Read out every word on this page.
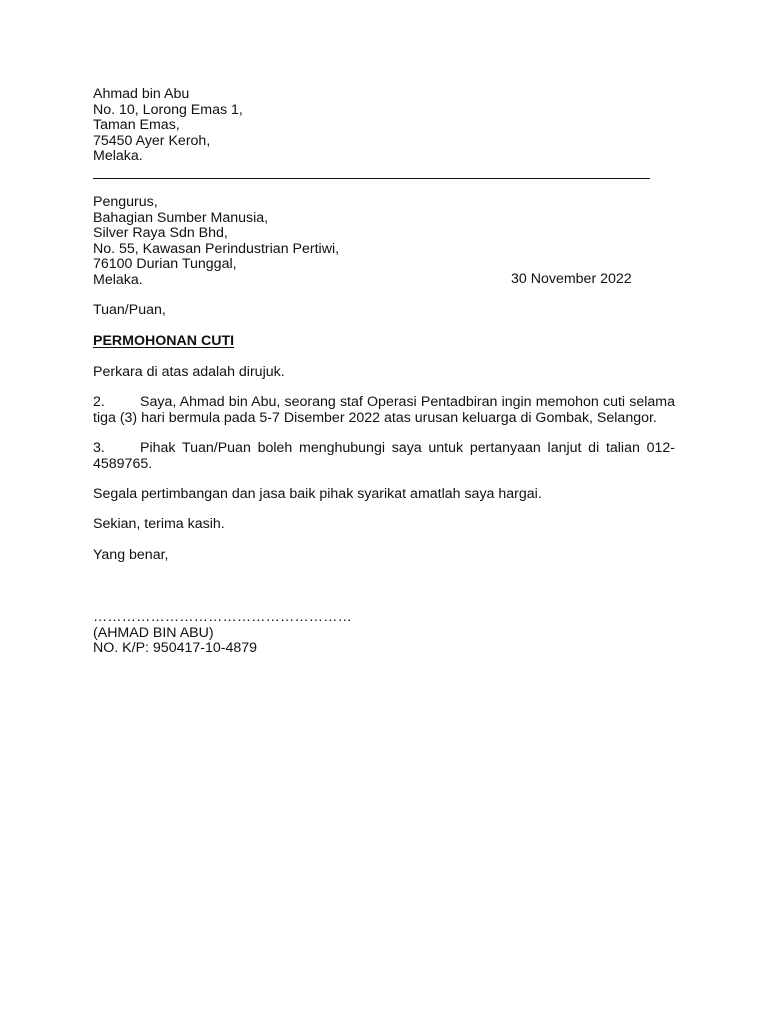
Ahmad bin Abu
No. 10, Lorong Emas 1,
Taman Emas,
75450 Ayer Keroh,
Melaka.
Pengurus,
Bahagian Sumber Manusia,
Silver Raya Sdn Bhd,
No. 55, Kawasan Perindustrian Pertiwi,
76100 Durian Tunggal,
Melaka.	30 November 2022
Tuan/Puan,
PERMOHONAN CUTI
Perkara di atas adalah dirujuk.
2. Saya, Ahmad bin Abu, seorang staf Operasi Pentadbiran ingin memohon cuti selama tiga (3) hari bermula pada 5-7 Disember 2022 atas urusan keluarga di Gombak, Selangor.
3. Pihak Tuan/Puan boleh menghubungi saya untuk pertanyaan lanjut di talian 012-4589765.
Segala pertimbangan dan jasa baik pihak syarikat amatlah saya hargai.
Sekian, terima kasih.
Yang benar,
………………………………………………
(AHMAD BIN ABU)
NO. K/P: 950417-10-4879
